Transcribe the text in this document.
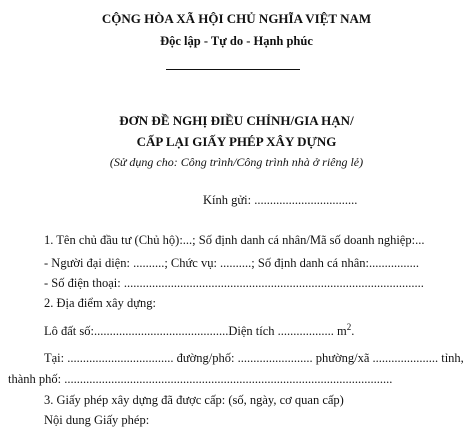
CỘNG HÒA XÃ HỘI CHỦ NGHĨA VIỆT NAM
Độc lập - Tự do - Hạnh phúc
ĐƠN ĐỀ NGHỊ ĐIỀU CHỈNH/GIA HẠN/
CẤP LẠI GIẤY PHÉP XÂY DỰNG
(Sử dụng cho: Công trình/Công trình nhà ở riêng lẻ)
Kính gửi: .................................
1. Tên chủ đầu tư (Chủ hộ):...; Số định danh cá nhân/Mã số doanh nghiệp:...
- Người đại diện: ..........; Chức vụ: ..........; Số định danh cá nhân:................
- Số điện thoại: ................................................................................................
2. Địa điểm xây dựng:
Lô đất số:...........................................Diện tích .................. $m^2$.
Tại: .................................. đường/phố: ........................ phường/xã ..................... tỉnh,
thành phố: .........................................................................................................
3. Giấy phép xây dựng đã được cấp: (số, ngày, cơ quan cấp)
Nội dung Giấy phép:
